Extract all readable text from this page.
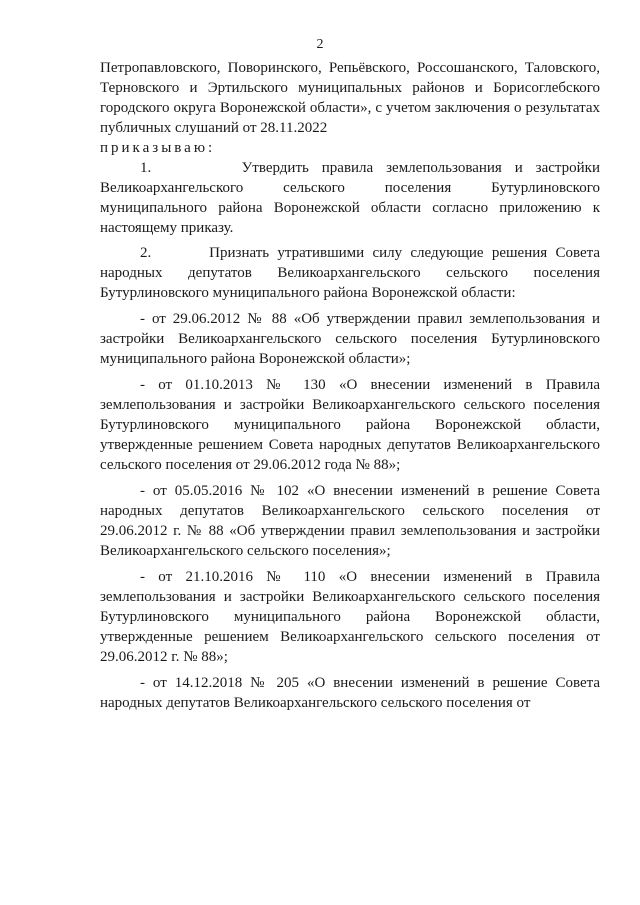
2

Петропавловского, Поворинского, Репьёвского, Россошанского, Таловского, Терновского и Эртильского муниципальных районов и Борисоглебского городского округа Воронежской области», с учетом заключения о результатах публичных слушаний от 28.11.2022

приказываю:

1.       Утвердить правила землепользования и застройки Великоархангельского сельского поселения Бутурлиновского муниципального района Воронежской области согласно приложению к настоящему приказу.

2.       Признать утратившими силу следующие решения Совета народных депутатов Великоархангельского сельского поселения Бутурлиновского муниципального района Воронежской области:

- от 29.06.2012 № 88 «Об утверждении правил землепользования и застройки Великоархангельского сельского поселения Бутурлиновского муниципального района Воронежской области»;

- от 01.10.2013 № 130 «О внесении изменений в Правила землепользования и застройки Великоархангельского сельского поселения Бутурлиновского муниципального района Воронежской области, утвержденные решением Совета народных депутатов Великоархангельского сельского поселения от 29.06.2012 года № 88»;

- от 05.05.2016 № 102 «О внесении изменений в решение Совета народных депутатов Великоархангельского сельского поселения от 29.06.2012 г. № 88 «Об утверждении правил землепользования и застройки Великоархангельского сельского поселения»;

- от 21.10.2016 № 110 «О внесении изменений в Правила землепользования и застройки Великоархангельского сельского поселения Бутурлиновского муниципального района Воронежской области, утвержденные решением Великоархангельского сельского поселения от 29.06.2012 г. № 88»;

- от 14.12.2018 № 205 «О внесении изменений в решение Совета народных депутатов Великоархангельского сельского поселения от
